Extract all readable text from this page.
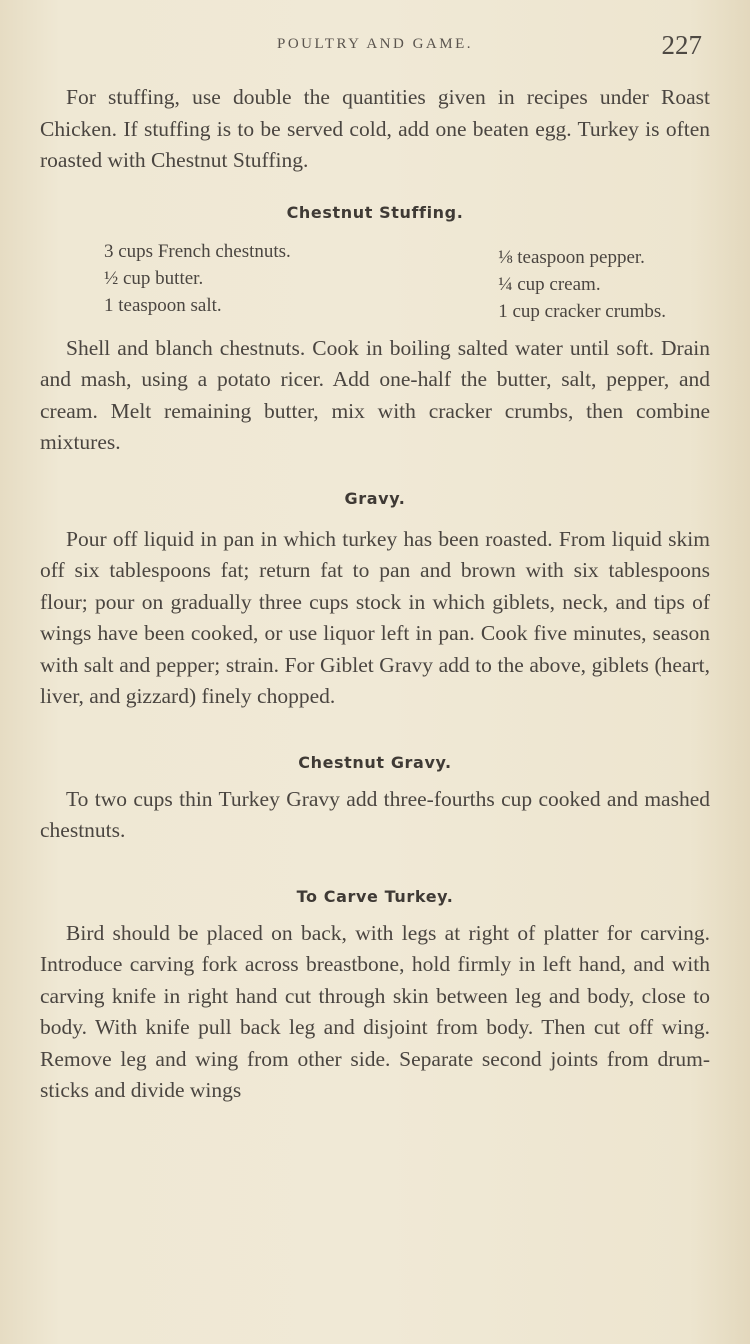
POULTRY AND GAME.	227

For stuffing, use double the quantities given in recipes under Roast Chicken. If stuffing is to be served cold, add one beaten egg. Turkey is often roasted with Chestnut Stuffing.

Chestnut Stuffing.
3 cups French chestnuts.
½ cup butter.
1 teaspoon salt.
⅛ teaspoon pepper.
¼ cup cream.
1 cup cracker crumbs.

Shell and blanch chestnuts. Cook in boiling salted water until soft. Drain and mash, using a potato ricer. Add one-half the butter, salt, pepper, and cream. Melt remaining butter, mix with cracker crumbs, then combine mixtures.

Gravy.

Pour off liquid in pan in which turkey has been roasted. From liquid skim off six tablespoons fat; return fat to pan and brown with six tablespoons flour; pour on gradually three cups stock in which giblets, neck, and tips of wings have been cooked, or use liquor left in pan. Cook five minutes, season with salt and pepper; strain. For Giblet Gravy add to the above, giblets (heart, liver, and gizzard) finely chopped.

Chestnut Gravy.

To two cups thin Turkey Gravy add three-fourths cup cooked and mashed chestnuts.

To Carve Turkey.

Bird should be placed on back, with legs at right of platter for carving. Introduce carving fork across breastbone, hold firmly in left hand, and with carving knife in right hand cut through skin between leg and body, close to body. With knife pull back leg and disjoint from body. Then cut off wing. Remove leg and wing from other side. Separate second joints from drum-sticks and divide wings
